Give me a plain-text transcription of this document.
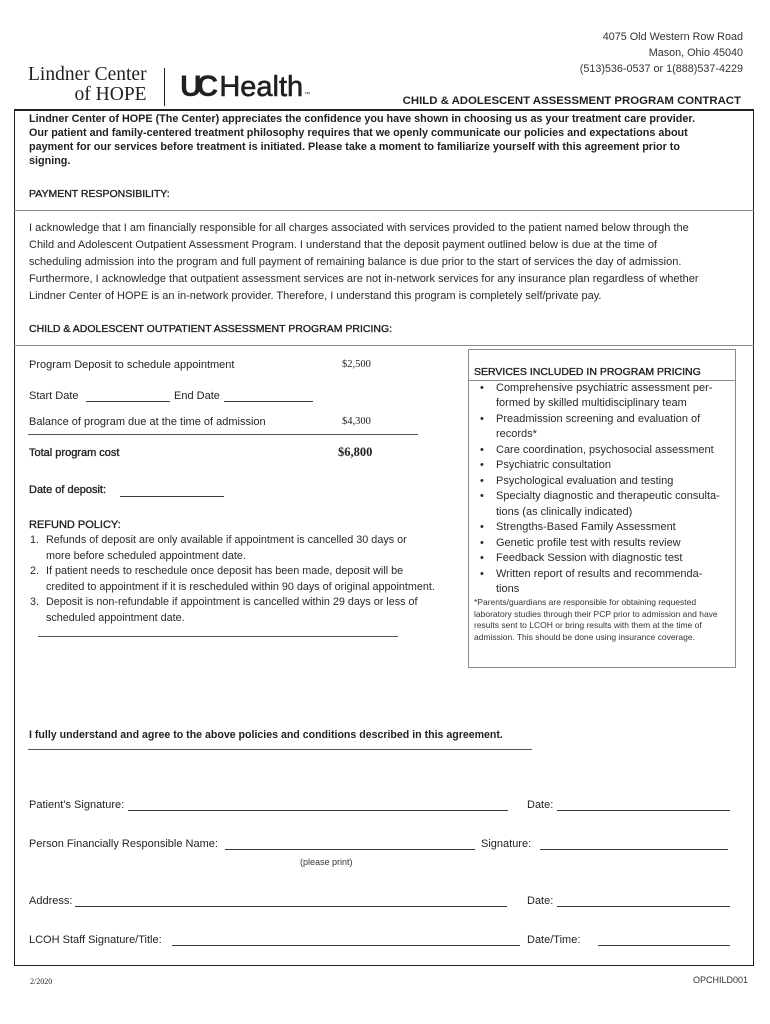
4075 Old Western Row Road
Mason, Ohio 45040
(513)536-0537 or 1(888)537-4229
Lindner Center
of HOPE UC Health™	CHILD & ADOLESCENT ASSESSMENT PROGRAM CONTRACT
Lindner Center of HOPE (The Center) appreciates the confidence you have shown in choosing us as your treatment care provider.
Our patient and family-centered treatment philosophy requires that we openly communicate our policies and expectations about
payment for our services before treatment is initiated. Please take a moment to familiarize yourself with this agreement prior to
signing.
PAYMENT RESPONSIBILITY:
I acknowledge that I am financially responsible for all charges associated with services provided to the patient named below through the
Child and Adolescent Outpatient Assessment Program. I understand that the deposit payment outlined below is due at the time of
scheduling admission into the program and full payment of remaining balance is due prior to the start of services the day of admission.
Furthermore, I acknowledge that outpatient assessment services are not in-network services for any insurance plan regardless of whether
Lindner Center of HOPE is an in-network provider. Therefore, I understand this program is completely self/private pay.
CHILD & ADOLESCENT OUTPATIENT ASSESSMENT PROGRAM PRICING:
Program Deposit to schedule appointment	$2,500
Start Date	End Date
Balance of program due at the time of admission	$4,300
Total program cost	$6,800
Date of deposit:
REFUND POLICY:
1. Refunds of deposit are only available if appointment is cancelled 30 days or
more before scheduled appointment date.
2. If patient needs to reschedule once deposit has been made, deposit will be
credited to appointment if it is rescheduled within 90 days of original appointment.
3. Deposit is non-refundable if appointment is cancelled within 29 days or less of
scheduled appointment date.
SERVICES INCLUDED IN PROGRAM PRICING
• Comprehensive psychiatric assessment per-
formed by skilled multidisciplinary team
• Preadmission screening and evaluation of
records*
• Care coordination, psychosocial assessment
• Psychiatric consultation
• Psychological evaluation and testing
• Specialty diagnostic and therapeutic consulta-
tions (as clinically indicated)
• Strengths-Based Family Assessment
• Genetic profile test with results review
• Feedback Session with diagnostic test
• Written report of results and recommenda-
tions
*Parents/guardians are responsible for obtaining requested
laboratory studies through their PCP prior to admission and have
results sent to LCOH or bring results with them at the time of
admission. This should be done using insurance coverage.
I fully understand and agree to the above policies and conditions described in this agreement.
Patient’s Signature:	Date:
Person Financially Responsible Name:	Signature:
(please print)
Address:	Date:
LCOH Staff Signature/Title:	Date/Time:
2/2020	OPCHILD001
